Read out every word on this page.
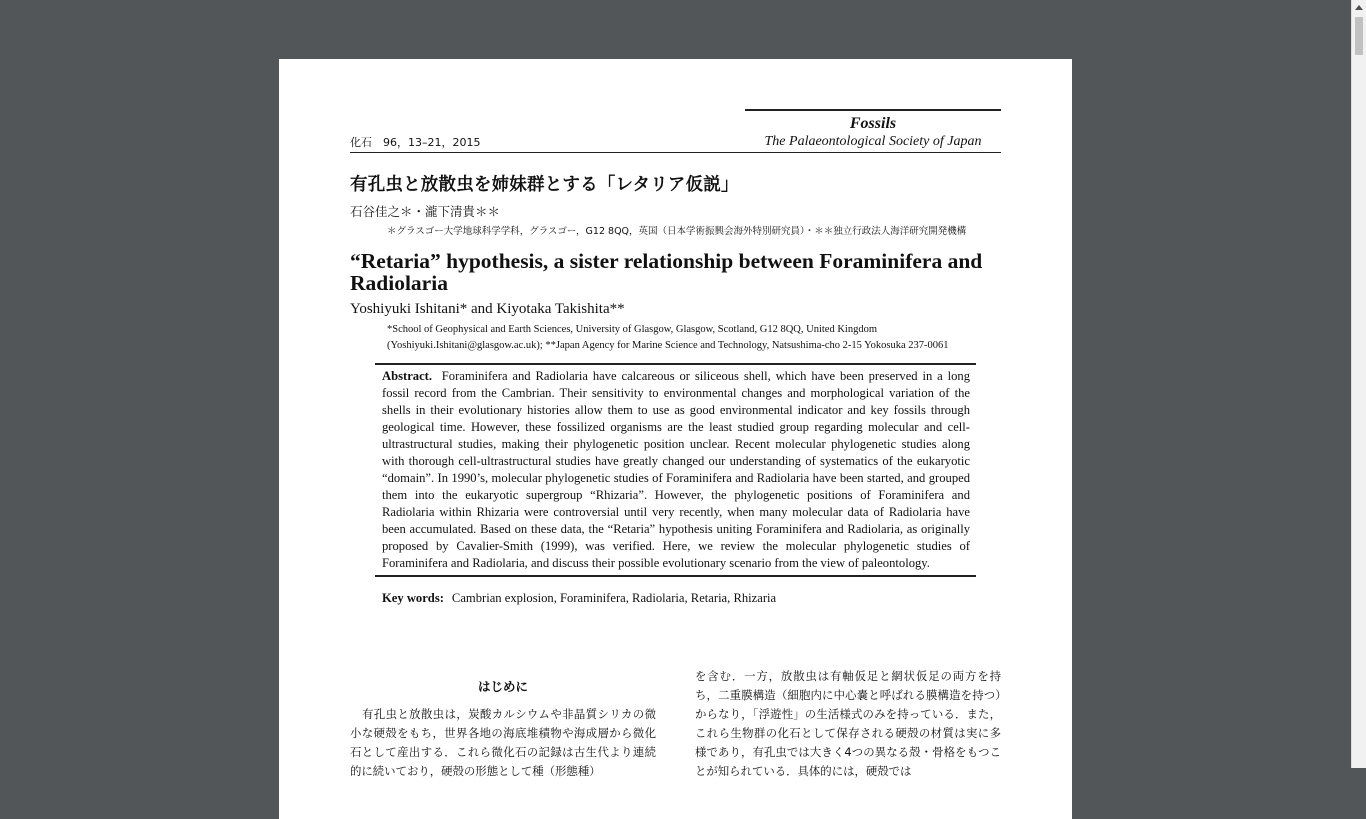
Fossils
The Palaeontological Society of Japan
化石　96，13–21，2015
有孔虫と放散虫を姉妹群とする「レタリア仮説」
石谷佳之＊・瀧下清貴＊＊
＊グラスゴー大学地球科学学科，グラスゴー，G12 8QQ，英国（日本学術振興会海外特別研究員）・＊＊独立行政法人海洋研究開発機構
“Retaria” hypothesis, a sister relationship between Foraminifera and Radiolaria
Yoshiyuki Ishitani* and Kiyotaka Takishita**
*School of Geophysical and Earth Sciences, University of Glasgow, Glasgow, Scotland, G12 8QQ, United Kingdom (Yoshiyuki.Ishitani@glasgow.ac.uk); **Japan Agency for Marine Science and Technology, Natsushima-cho 2-15 Yokosuka 237-0061
Abstract. Foraminifera and Radiolaria have calcareous or siliceous shell, which have been preserved in a long fossil record from the Cambrian. Their sensitivity to environmental changes and morphological variation of the shells in their evolutionary histories allow them to use as good environmental indicator and key fossils through geological time. However, these fossilized organisms are the least studied group regarding molecular and cell-ultrastructural studies, making their phylogenetic position unclear. Recent molecular phylogenetic studies along with thorough cell-ultrastructural studies have greatly changed our understanding of systematics of the eukaryotic “domain”. In 1990’s, molecular phylogenetic studies of Foraminifera and Radiolaria have been started, and grouped them into the eukaryotic supergroup “Rhizaria”. However, the phylogenetic positions of Foraminifera and Radiolaria within Rhizaria were controversial until very recently, when many molecular data of Radiolaria have been accumulated. Based on these data, the “Retaria” hypothesis uniting Foraminifera and Radiolaria, as originally proposed by Cavalier-Smith (1999), was verified. Here, we review the molecular phylogenetic studies of Foraminifera and Radiolaria, and discuss their possible evolutionary scenario from the view of paleontology.
Key words: Cambrian explosion, Foraminifera, Radiolaria, Retaria, Rhizaria
はじめに

有孔虫と放散虫は，炭酸カルシウムや非晶質シリカの微小な硬殻をもち，世界各地の海底堆積物や海成層から微化石として産出する．これら微化石の記録は古生代より連続的に続いており，硬殻の形態として種（形態種）

を含む．一方，放散虫は有軸仮足と網状仮足の両方を持ち，二重膜構造（細胞内に中心嚢と呼ばれる膜構造を持つ）からなり，「浮遊性」の生活様式のみを持っている．また，これら生物群の化石として保存される硬殻の材質は実に多様であり，有孔虫では大きく4つの異なる殻・骨格をもつことが知られている．具体的には，硬殻では
